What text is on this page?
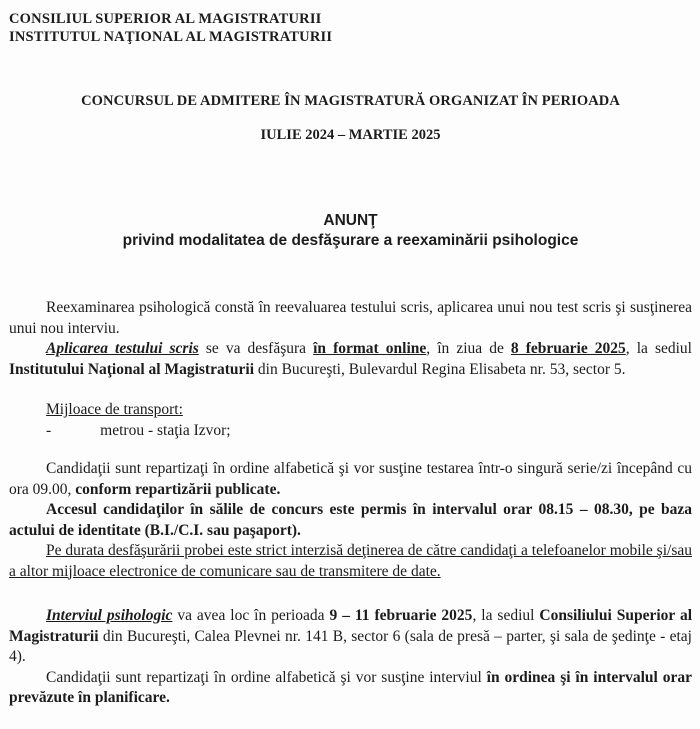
CONSILIUL SUPERIOR AL MAGISTRATURII
INSTITUTUL NAŢIONAL AL MAGISTRATURII
CONCURSUL DE ADMITERE ÎN MAGISTRATURĂ ORGANIZAT ÎN PERIOADA
IULIE 2024 – MARTIE 2025
ANUNŢ
privind modalitatea de desfăşurare a reexaminării psihologice

Reexaminarea psihologică constă în reevaluarea testului scris, aplicarea unui nou test scris şi susţinerea unui nou interviu.

Aplicarea testului scris se va desfăşura în format online, în ziua de 8 februarie 2025, la sediul Institutului Naţional al Magistraturii din Bucureşti, Bulevardul Regina Elisabeta nr. 53, sector 5.

Mijloace de transport:

-	metrou - staţia Izvor;

Candidaţii sunt repartizaţi în ordine alfabetică şi vor susţine testarea într-o singură serie/zi începând cu ora 09.00, conform repartizării publicate.

Accesul candidaţilor în sălile de concurs este permis în intervalul orar 08.15 – 08.30, pe baza actului de identitate (B.I./C.I. sau paşaport).

Pe durata desfăşurării probei este strict interzisă deţinerea de către candidaţi a telefoanelor mobile şi/sau a altor mijloace electronice de comunicare sau de transmitere de date.

Interviul psihologic va avea loc în perioada 9 – 11 februarie 2025, la sediul Consiliului Superior al Magistraturii din Bucureşti, Calea Plevnei nr. 141 B, sector 6 (sala de presă – parter, şi sala de şedinţe - etaj 4).

Candidaţii sunt repartizaţi în ordine alfabetică şi vor susţine interviul în ordinea şi în intervalul orar prevăzute în planificare.
